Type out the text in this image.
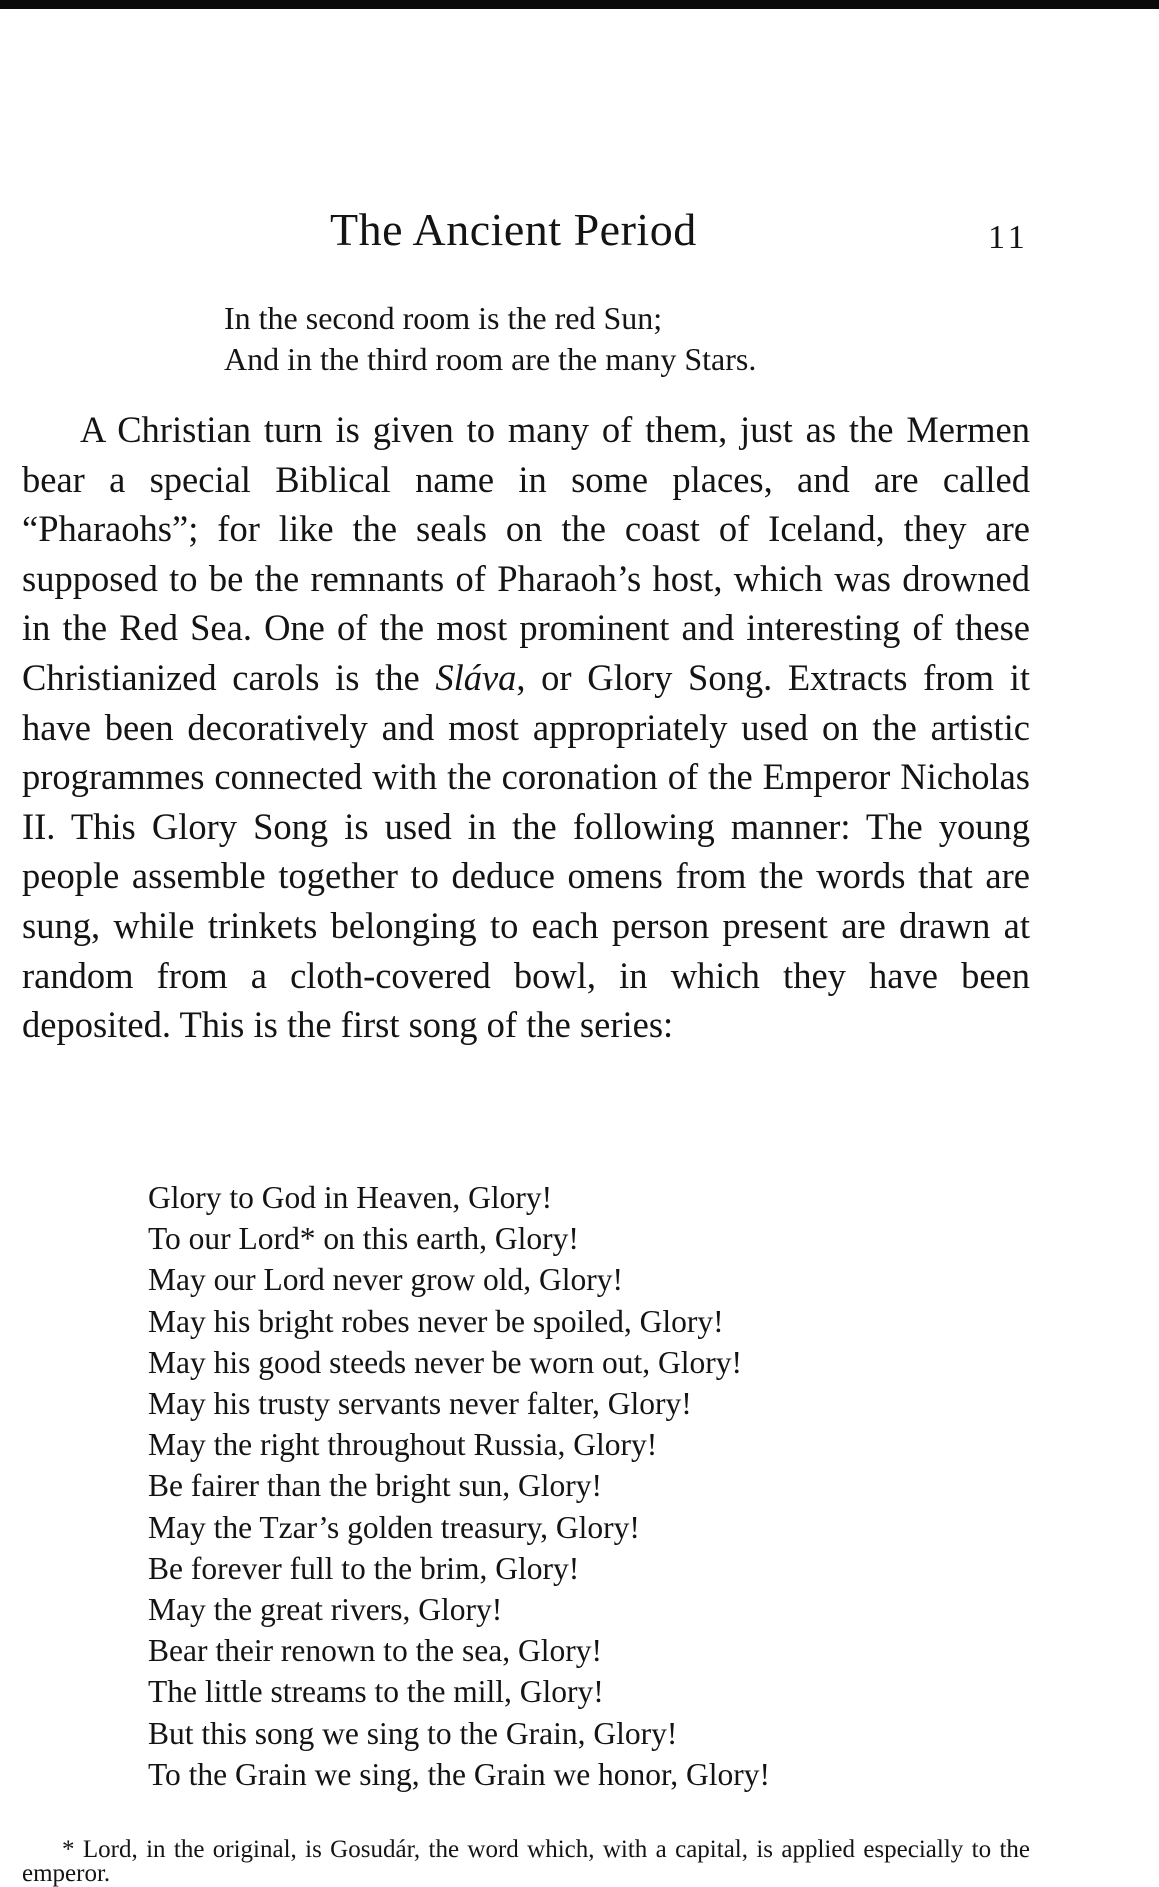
The Ancient Period	11
In the second room is the red Sun;
And in the third room are the many Stars.

A Christian turn is given to many of them, just as the Mermen bear a special Biblical name in some places, and are called “Pharaohs”; for like the seals on the coast of Iceland, they are supposed to be the remnants of Pharaoh’s host, which was drowned in the Red Sea. One of the most prominent and interesting of these Christianized carols is the Sláva, or Glory Song. Extracts from it have been decoratively and most appropriately used on the artistic programmes connected with the coronation of the Emperor Nicholas II. This Glory Song is used in the following manner: The young people assemble together to deduce omens from the words that are sung, while trinkets belonging to each person present are drawn at random from a cloth-covered bowl, in which they have been deposited. This is the first song of the series:

Glory to God in Heaven, Glory!
To our Lord* on this earth, Glory!
May our Lord never grow old, Glory!
May his bright robes never be spoiled, Glory!
May his good steeds never be worn out, Glory!
May his trusty servants never falter, Glory!
May the right throughout Russia, Glory!
Be fairer than the bright sun, Glory!
May the Tzar’s golden treasury, Glory!
Be forever full to the brim, Glory!
May the great rivers, Glory!
Bear their renown to the sea, Glory!
The little streams to the mill, Glory!
But this song we sing to the Grain, Glory!
To the Grain we sing, the Grain we honor, Glory!

* Lord, in the original, is Gosudár, the word which, with a capital, is applied especially to the emperor.
